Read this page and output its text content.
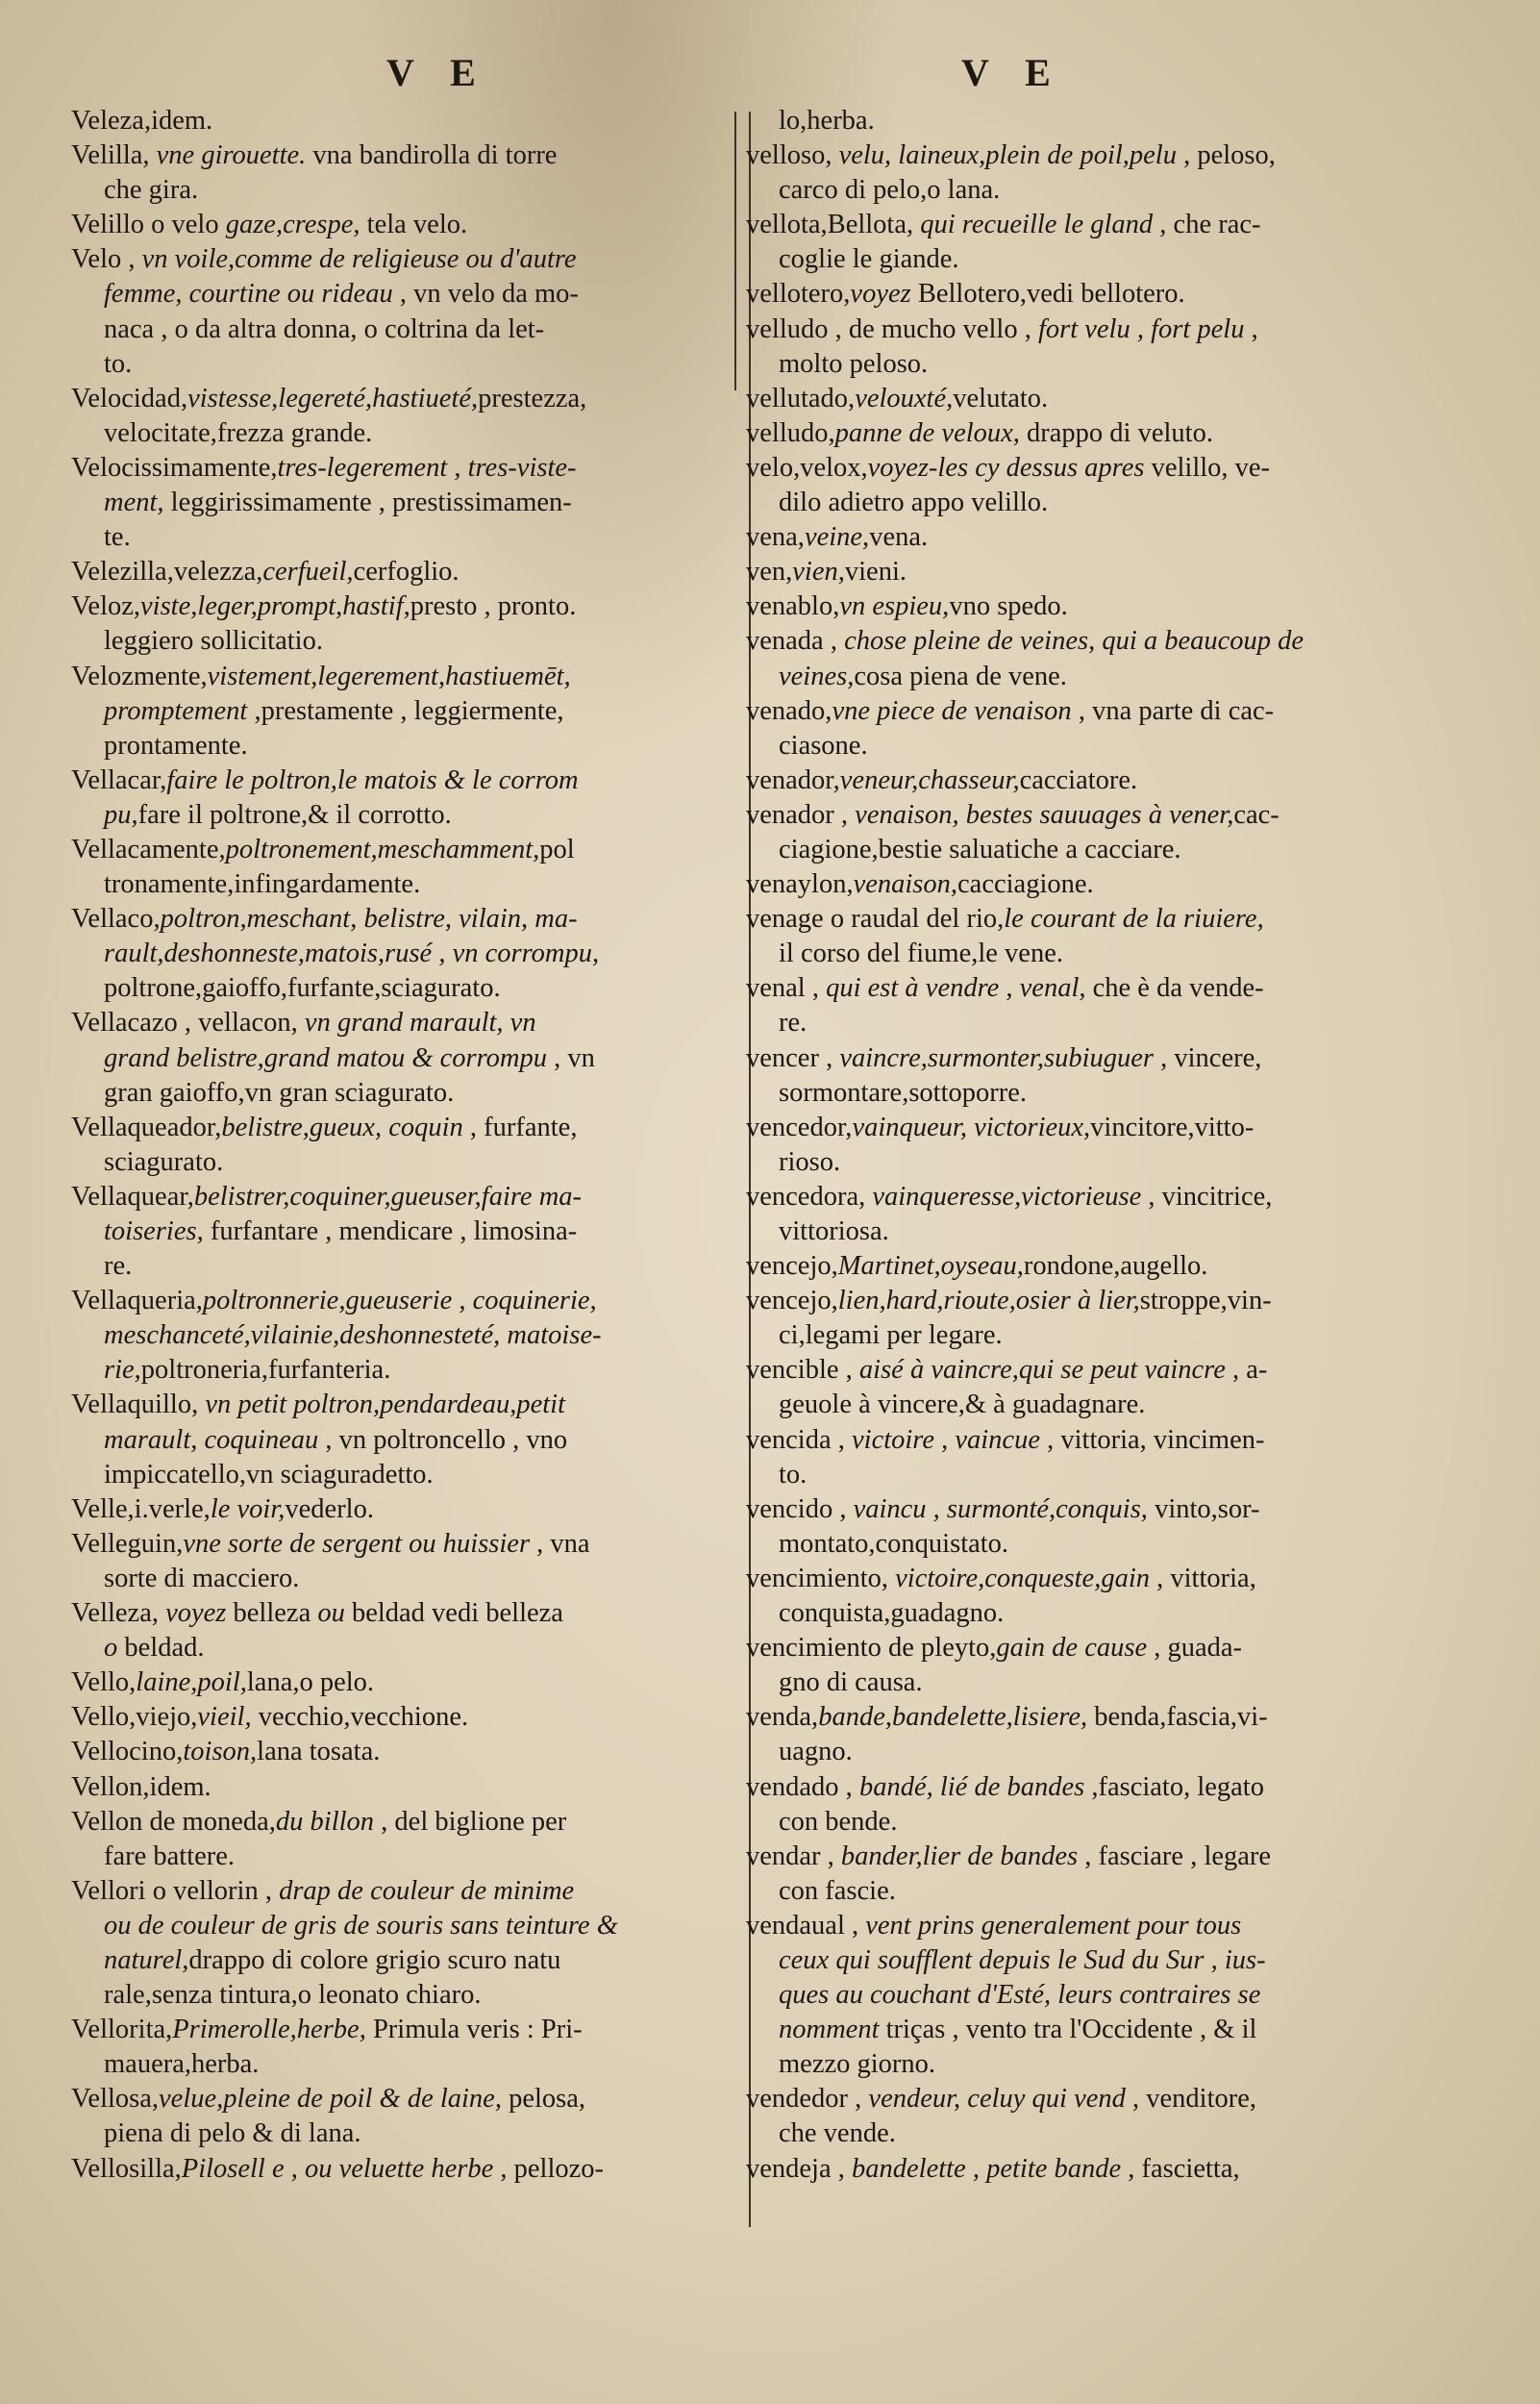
V E	V E
Veleza,idem.
Velilla, vne girouette. vna bandirolla di torre
che gira.
Velillo o velo gaze,crespe, tela velo.
Velo , vn voile,comme de religieuse ou d'autre
femme, courtine ou rideau , vn velo da mo-
naca , o da altra donna, o coltrina da let-
to.
Velocidad,vistesse,legereté,hastiueté,prestezza,
velocitate,frezza grande.
Velocissimamente,tres-legerement , tres-viste-
ment, leggirissimamente , prestissimamen-
te.
Velezilla,velezza,cerfueil,cerfoglio.
Veloz,viste,leger,prompt,hastif,presto , pronto.
leggiero sollicitatio.
Velozmente,vistement,legerement,hastiuemēt,
promptement ,prestamente , leggiermente,
prontamente.
Vellacar,faire le poltron,le matois & le corrom
pu,fare il poltrone,& il corrotto.
Vellacamente,poltronement,meschamment,pol
tronamente,infingardamente.
Vellaco,poltron,meschant, belistre, vilain, ma-
rault,deshonneste,matois,rusé , vn corrompu,
poltrone,gaioffo,furfante,sciagurato.
Vellacazo , vellacon, vn grand marault, vn
grand belistre,grand matou & corrompu , vn
gran gaioffo,vn gran sciagurato.
Vellaqueador,belistre,gueux, coquin , furfante,
sciagurato.
Vellaquear,belistrer,coquiner,gueuser,faire ma-
toiseries, furfantare , mendicare , limosina-
re.
Vellaqueria,poltronnerie,gueuserie , coquinerie,
meschanceté,vilainie,deshonnesteté, matoise-
rie,poltroneria,furfanteria.
Vellaquillo, vn petit poltron,pendardeau,petit
marault, coquineau , vn poltroncello , vno
impiccatello,vn sciaguradetto.
Velle,i.verle,le voir,vederlo.
Velleguin,vne sorte de sergent ou huissier , vna
sorte di macciero.
Velleza, voyez belleza ou beldad vedi belleza
o beldad.
Vello,laine,poil,lana,o pelo.
Vello,viejo,vieil, vecchio,vecchione.
Vellocino,toison,lana tosata.
Vellon,idem.
Vellon de moneda,du billon , del biglione per
fare battere.
Vellori o vellorin , drap de couleur de minime
ou de couleur de gris de souris sans teinture &
naturel,drappo di colore grigio scuro natu
rale,senza tintura,o leonato chiaro.
Vellorita,Primerolle,herbe, Primula veris : Pri-
mauera,herba.
Vellosa,velue,pleine de poil & de laine, pelosa,
piena di pelo & di lana.
Vellosilla,Pilosell e , ou veluette herbe , pellozo-
lo,herba.
velloso, velu, laineux,plein de poil,pelu , peloso,
carco di pelo,o lana.
vellota,Bellota, qui recueille le gland , che rac-
coglie le giande.
vellotero,voyez Bellotero,vedi bellotero.
velludo , de mucho vello , fort velu , fort pelu ,
molto peloso.
vellutado,velouxté,velutato.
velludo,panne de veloux, drappo di veluto.
velo,velox,voyez-les cy dessus apres velillo, ve-
dilo adietro appo velillo.
vena,veine,vena.
ven,vien,vieni.
venablo,vn espieu,vno spedo.
venada , chose pleine de veines, qui a beaucoup de
veines,cosa piena de vene.
venado,vne piece de venaison , vna parte di cac-
ciasone.
venador,veneur,chasseur,cacciatore.
venador , venaison, bestes sauuages à vener,cac-
ciagione,bestie saluatiche a cacciare.
venaylon,venaison,cacciagione.
venage o raudal del rio,le courant de la riuiere,
il corso del fiume,le vene.
venal , qui est à vendre , venal, che è da vende-
re.
vencer , vaincre,surmonter,subiuguer , vincere,
sormontare,sottoporre.
vencedor,vainqueur, victorieux,vincitore,vitto-
rioso.
vencedora, vainqueresse,victorieuse , vincitrice,
vittoriosa.
vencejo,Martinet,oyseau,rondone,augello.
vencejo,lien,hard,rioute,osier à lier,stroppe,vin-
ci,legami per legare.
vencible , aisé à vaincre,qui se peut vaincre , a-
geuole à vincere,& à guadagnare.
vencida , victoire , vaincue , vittoria, vincimen-
to.
vencido , vaincu , surmonté,conquis, vinto,sor-
montato,conquistato.
vencimiento, victoire,conqueste,gain , vittoria,
conquista,guadagno.
vencimiento de pleyto,gain de cause , guada-
gno di causa.
venda,bande,bandelette,lisiere, benda,fascia,vi-
uagno.
vendado , bandé, lié de bandes ,fasciato, legato
con bende.
vendar , bander,lier de bandes , fasciare , legare
con fascie.
vendaual , vent prins generalement pour tous
ceux qui soufflent depuis le Sud du Sur , ius-
ques au couchant d'Esté, leurs contraires se
nomment triças , vento tra l'Occidente , & il
mezzo giorno.
vendedor , vendeur, celuy qui vend , venditore,
che vende.
vendeja , bandelette , petite bande , fascietta,
